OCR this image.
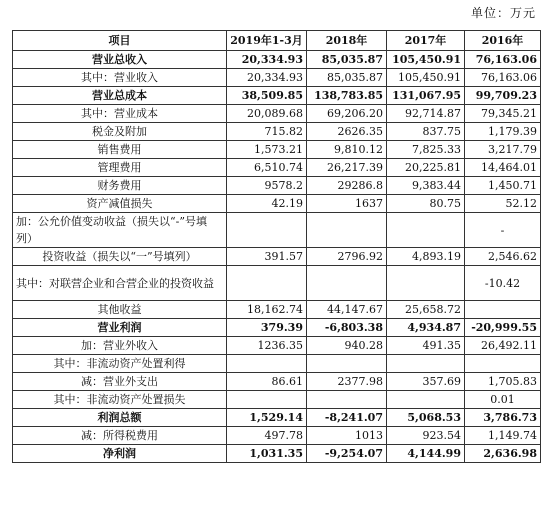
单位：万元
项目	2019年1-3月	2018年	2017年	2016年
营业总收入	20,334.93	85,035.87	105,450.91	76,163.06
其中：营业收入	20,334.93	85,035.87	105,450.91	76,163.06
营业总成本	38,509.85	138,783.85	131,067.95	99,709.23
其中：营业成本	20,089.68	69,206.20	92,714.87	79,345.21
税金及附加	715.82	2626.35	837.75	1,179.39
销售费用	1,573.21	9,810.12	7,825.33	3,217.79
管理费用	6,510.74	26,217.39	20,225.81	14,464.01
财务费用	9578.2	29286.8	9,383.44	1,450.71
资产减值损失	42.19	1637	80.75	52.12
加：公允价值变动收益（损失以“-”号填列）				-
投资收益（损失以“一”号填列）	391.57	2796.92	4,893.19	2,546.62
其中：对联营企业和合营企业的投资收益				-10.42
其他收益	18,162.74	44,147.67	25,658.72	
营业利润	379.39	-6,803.38	4,934.87	-20,999.55
加：营业外收入	1236.35	940.28	491.35	26,492.11
其中：非流动资产处置利得				
减：营业外支出	86.61	2377.98	357.69	1,705.83
其中：非流动资产处置损失				0.01
利润总额	1,529.14	-8,241.07	5,068.53	3,786.73
减：所得税费用	497.78	1013	923.54	1,149.74
净利润	1,031.35	-9,254.07	4,144.99	2,636.98
